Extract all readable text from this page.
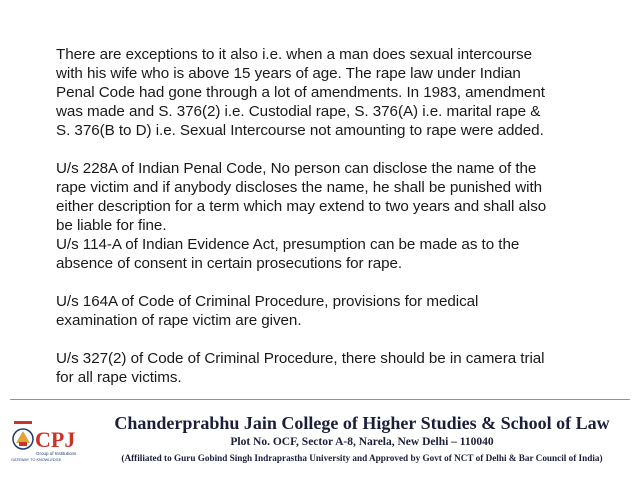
There are exceptions to it also i.e. when a man does sexual intercourse
with his wife who is above 15 years of age. The rape law under Indian
Penal Code had gone through a lot of amendments. In 1983, amendment
was made and S. 376(2) i.e. Custodial rape, S. 376(A) i.e. marital rape &
S. 376(B to D) i.e. Sexual Intercourse not amounting to rape were added.

U/s 228A of Indian Penal Code, No person can disclose the name of the
rape victim and if anybody discloses the name, he shall be punished with
either description for a term which may extend to two years and shall also
be liable for fine.

U/s 114-A of Indian Evidence Act, presumption can be made as to the
absence of consent in certain prosecutions for rape.

U/s 164A of Code of Criminal Procedure, provisions for medical
examination of rape victim are given.

U/s 327(2) of Code of Criminal Procedure, there should be in camera trial
for all rape victims.

CPJ
Group of Institutions
GATEWAY TO KNOWLEDGE
Chanderprabhu Jain College of Higher Studies & School of Law
Plot No. OCF, Sector A-8, Narela, New Delhi – 110040
(Affiliated to Guru Gobind Singh Indraprastha University and Approved by Govt of NCT of Delhi & Bar Council of India)
